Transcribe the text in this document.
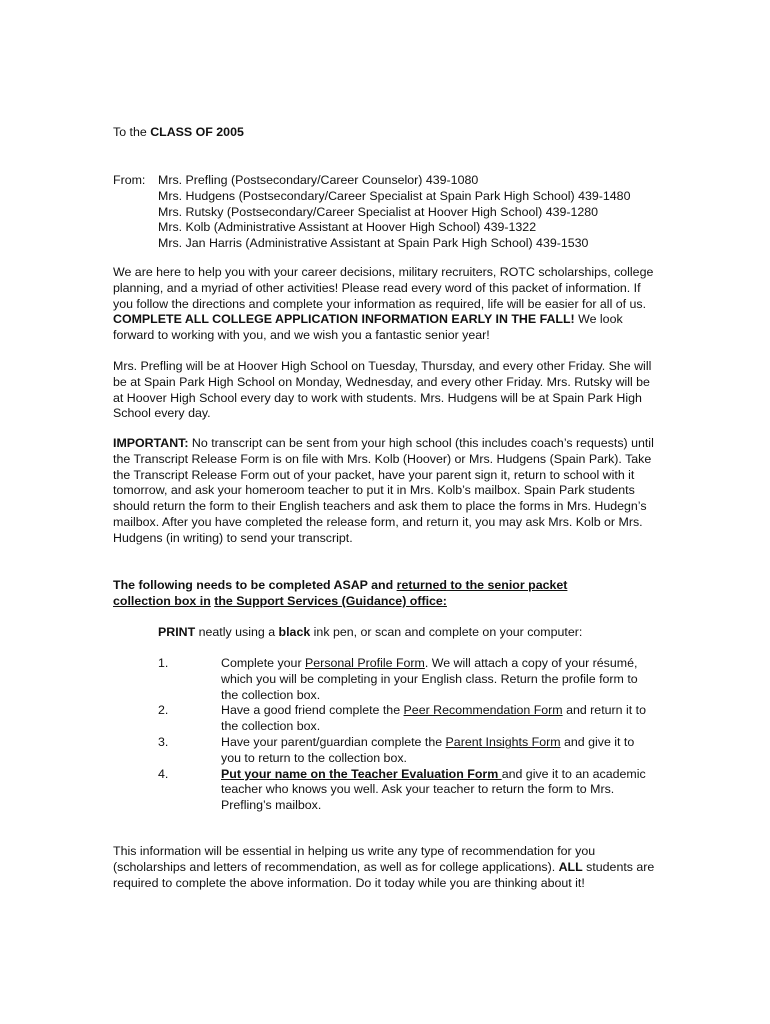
To the CLASS OF 2005

From:	Mrs. Prefling (Postsecondary/Career Counselor) 439-1080
Mrs. Hudgens (Postsecondary/Career Specialist at Spain Park High School) 439-1480
Mrs. Rutsky (Postsecondary/Career Specialist at Hoover High School) 439-1280
Mrs. Kolb (Administrative Assistant at Hoover High School) 439-1322
Mrs. Jan Harris (Administrative Assistant at Spain Park High School) 439-1530

We are here to help you with your career decisions, military recruiters, ROTC scholarships, college planning, and a myriad of other activities! Please read every word of this packet of information. If you follow the directions and complete your information as required, life will be easier for all of us. COMPLETE ALL COLLEGE APPLICATION INFORMATION EARLY IN THE FALL! We look forward to working with you, and we wish you a fantastic senior year!

Mrs. Prefling will be at Hoover High School on Tuesday, Thursday, and every other Friday. She will be at Spain Park High School on Monday, Wednesday, and every other Friday. Mrs. Rutsky will be at Hoover High School every day to work with students. Mrs. Hudgens will be at Spain Park High School every day.

IMPORTANT: No transcript can be sent from your high school (this includes coach’s requests) until the Transcript Release Form is on file with Mrs. Kolb (Hoover) or Mrs. Hudgens (Spain Park). Take the Transcript Release Form out of your packet, have your parent sign it, return to school with it tomorrow, and ask your homeroom teacher to put it in Mrs. Kolb’s mailbox. Spain Park students should return the form to their English teachers and ask them to place the forms in Mrs. Hudegn’s mailbox. After you have completed the release form, and return it, you may ask Mrs. Kolb or Mrs. Hudgens (in writing) to send your transcript.

The following needs to be completed ASAP and returned to the senior packet collection box in the Support Services (Guidance) office:

PRINT neatly using a black ink pen, or scan and complete on your computer:

1.	Complete your Personal Profile Form. We will attach a copy of your résumé, which you will be completing in your English class. Return the profile form to the collection box.
2.	Have a good friend complete the Peer Recommendation Form and return it to the collection box.
3.	Have your parent/guardian complete the Parent Insights Form and give it to you to return to the collection box.
4.	Put your name on the Teacher Evaluation Form and give it to an academic teacher who knows you well. Ask your teacher to return the form to Mrs. Prefling’s mailbox.

This information will be essential in helping us write any type of recommendation for you (scholarships and letters of recommendation, as well as for college applications). ALL students are required to complete the above information. Do it today while you are thinking about it!
